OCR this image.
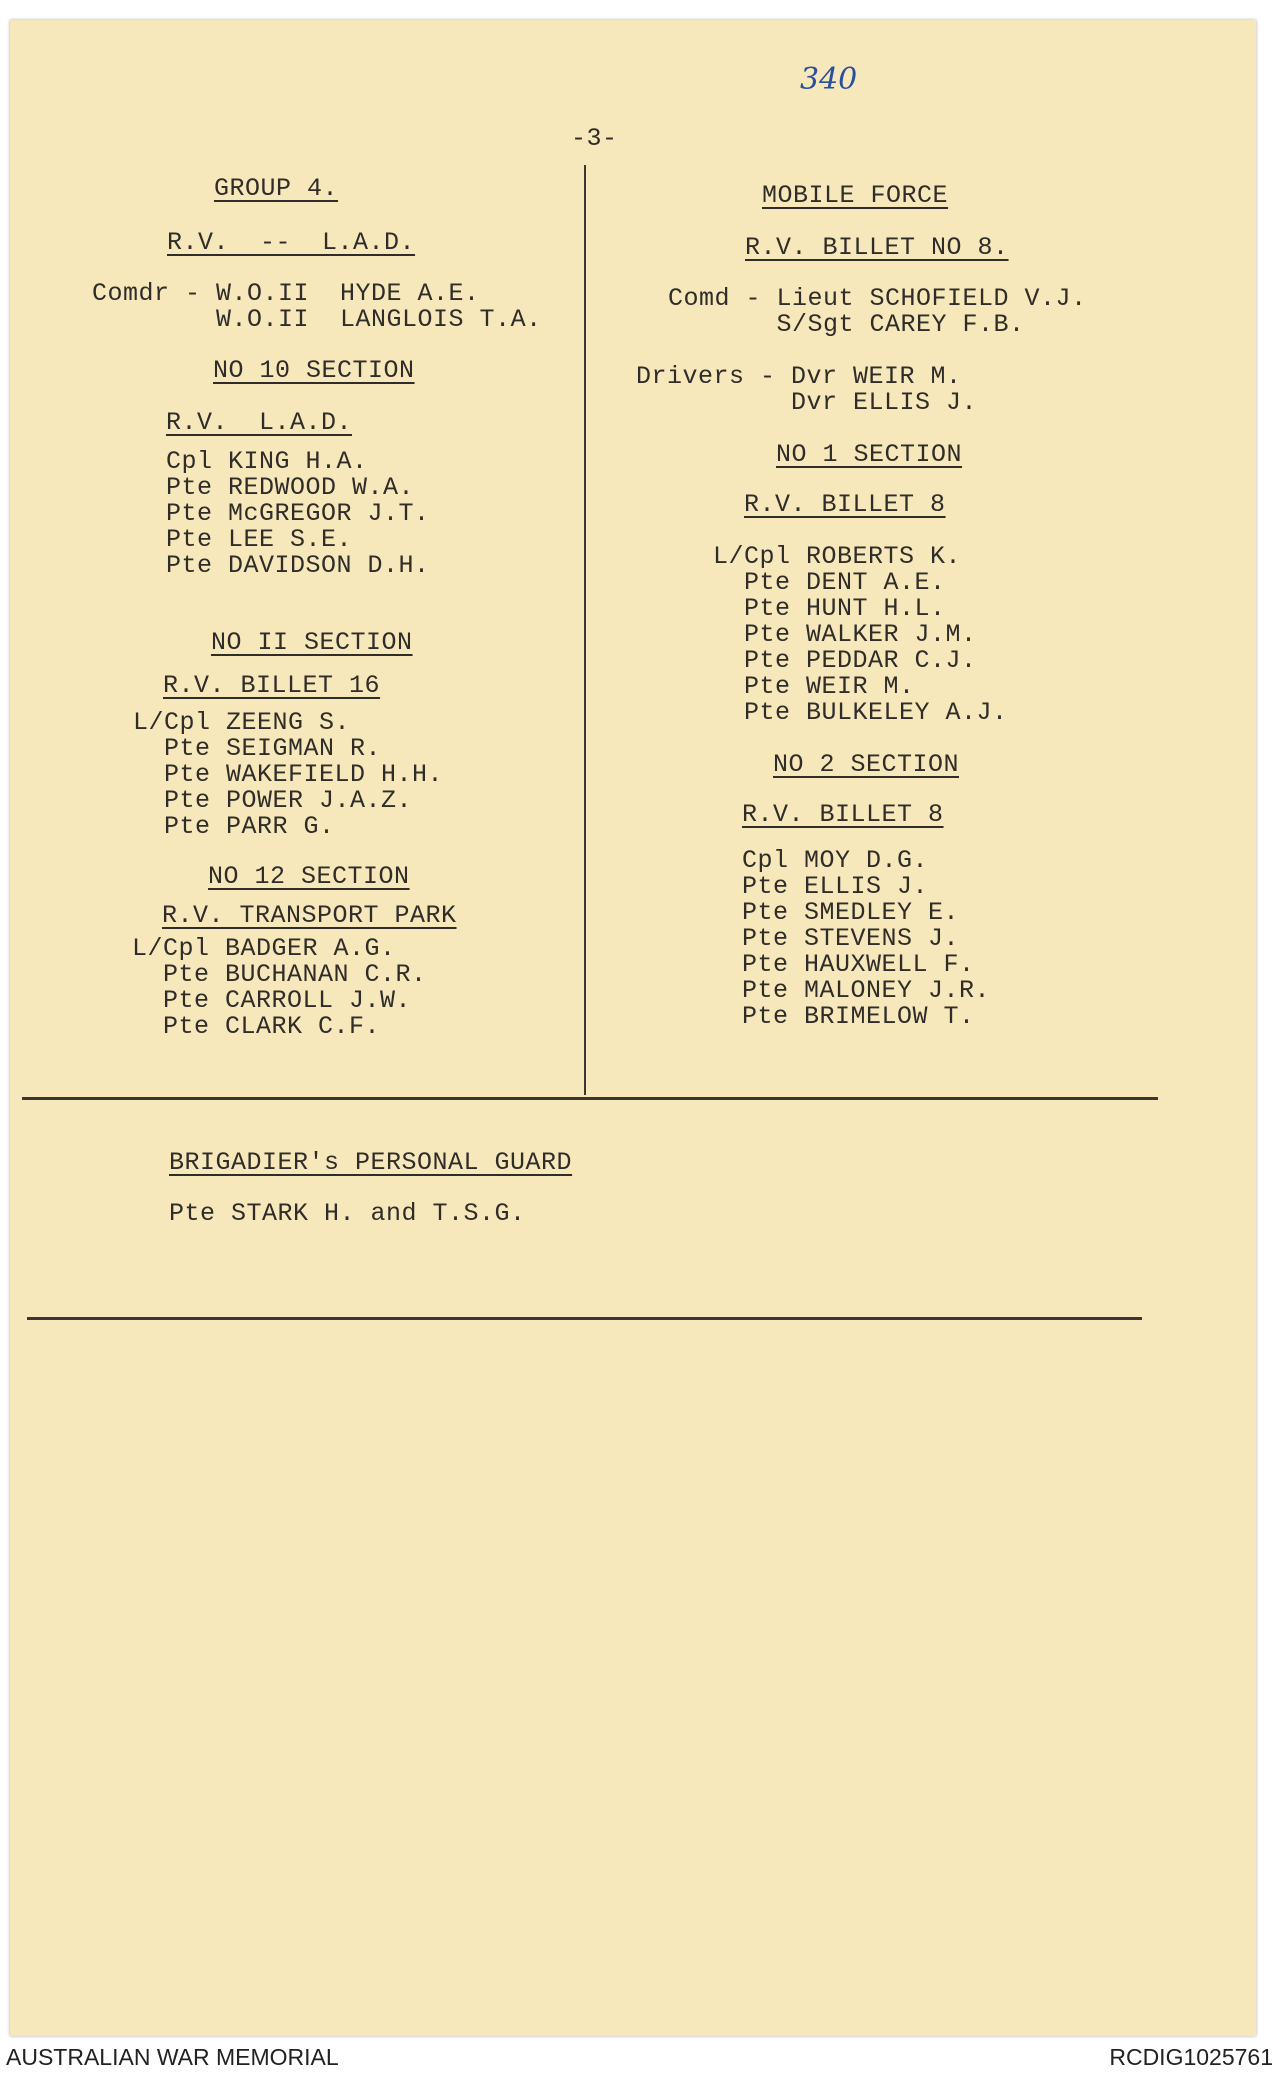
340
-3-
GROUP 4.
R.V.  --  L.A.D.
Comdr - W.O.II  HYDE A.E.
W.O.II  LANGLOIS T.A.
NO 10 SECTION
R.V.  L.A.D.
Cpl KING H.A.
Pte REDWOOD W.A.
Pte McGREGOR J.T.
Pte LEE S.E.
Pte DAVIDSON D.H.
NO II SECTION
R.V. BILLET 16
L/Cpl ZEENG S.
Pte SEIGMAN R.
Pte WAKEFIELD H.H.
Pte POWER J.A.Z.
Pte PARR G.
NO 12 SECTION
R.V. TRANSPORT PARK
L/Cpl BADGER A.G.
Pte BUCHANAN C.R.
Pte CARROLL J.W.
Pte CLARK C.F.
MOBILE FORCE
R.V. BILLET NO 8.
Comd - Lieut SCHOFIELD V.J.
S/Sgt CAREY F.B.
Drivers - Dvr WEIR M.
Dvr ELLIS J.
NO 1 SECTION
R.V. BILLET 8
L/Cpl ROBERTS K.
Pte DENT A.E.
Pte HUNT H.L.
Pte WALKER J.M.
Pte PEDDAR C.J.
Pte WEIR M.
Pte BULKELEY A.J.
NO 2 SECTION
R.V. BILLET 8
Cpl MOY D.G.
Pte ELLIS J.
Pte SMEDLEY E.
Pte STEVENS J.
Pte HAUXWELL F.
Pte MALONEY J.R.
Pte BRIMELOW T.
BRIGADIER's PERSONAL GUARD
Pte STARK H. and T.S.G.
AUSTRALIAN WAR MEMORIAL	RCDIG1025761
